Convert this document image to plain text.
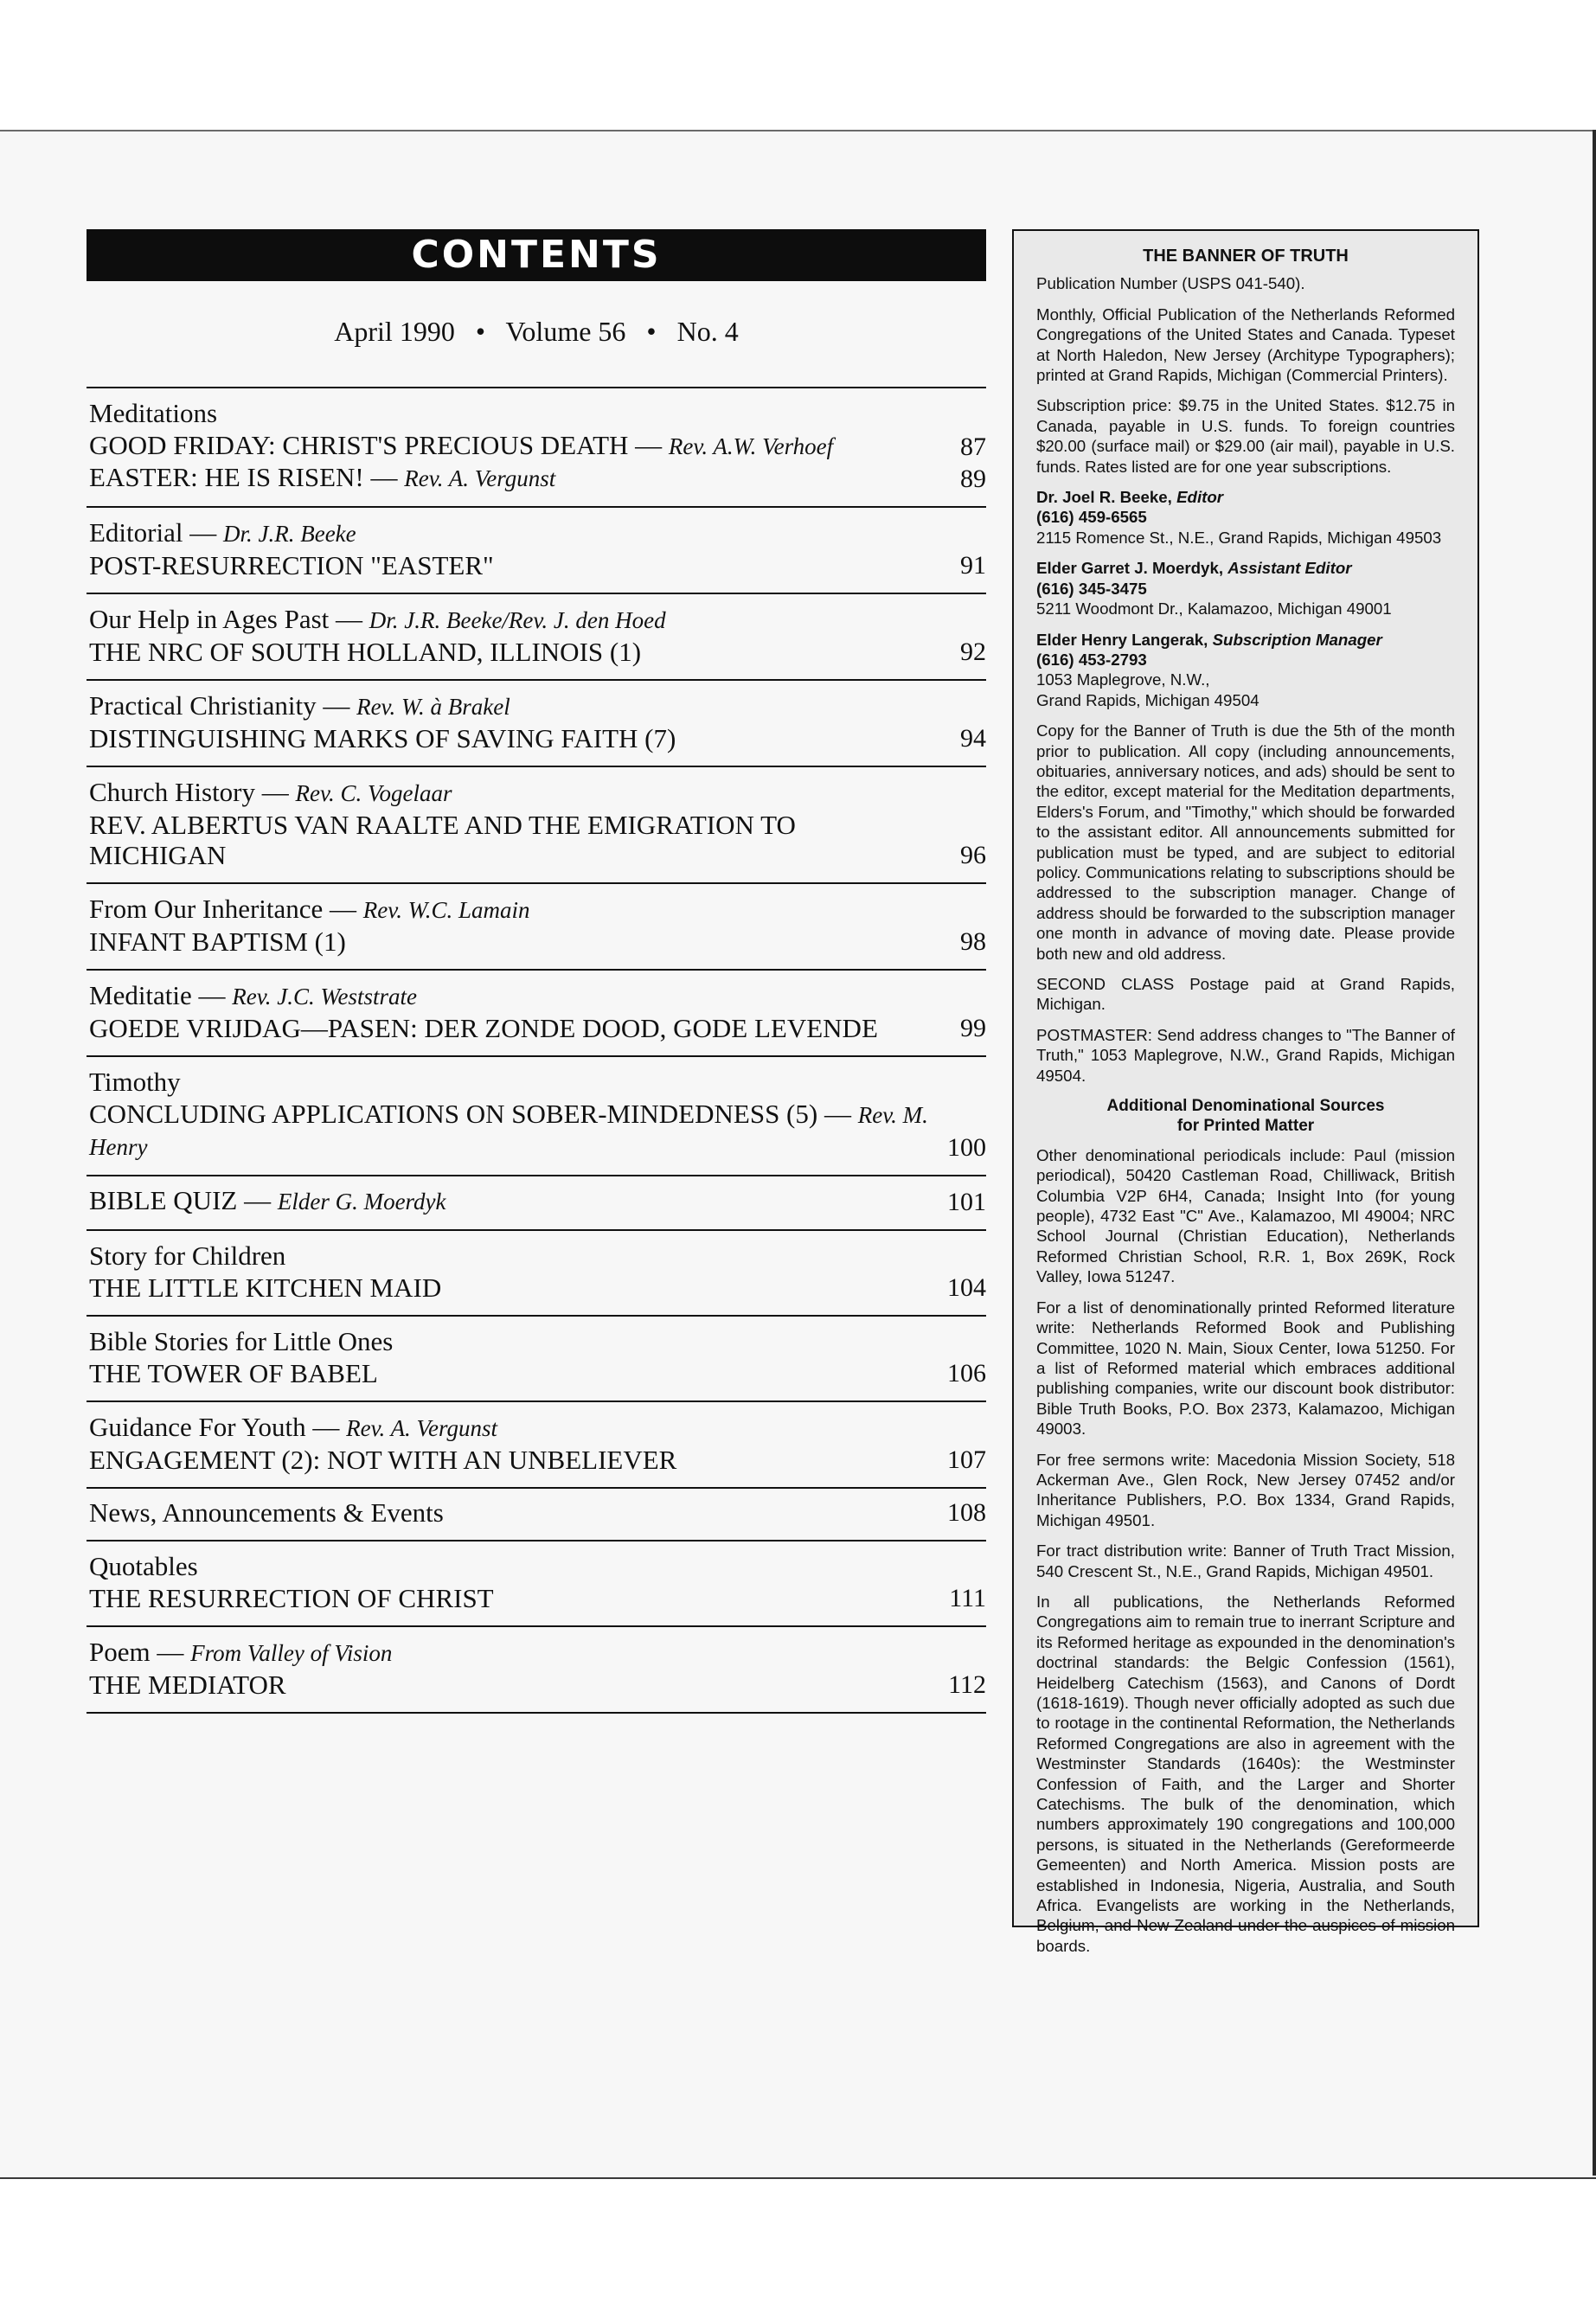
CONTENTS
April 1990 • Volume 56 • No. 4
Meditations
GOOD FRIDAY: CHRIST'S PRECIOUS DEATH — Rev. A.W. Verhoef	87
EASTER: HE IS RISEN! — Rev. A. Vergunst	89
Editorial — Dr. J.R. Beeke
POST-RESURRECTION "EASTER"	91
Our Help in Ages Past — Dr. J.R. Beeke/Rev. J. den Hoed
THE NRC OF SOUTH HOLLAND, ILLINOIS (1)	92
Practical Christianity — Rev. W. à Brakel
DISTINGUISHING MARKS OF SAVING FAITH (7)	94
Church History — Rev. C. Vogelaar
REV. ALBERTUS VAN RAALTE AND THE EMIGRATION TO MICHIGAN	96
From Our Inheritance — Rev. W.C. Lamain
INFANT BAPTISM (1)	98
Meditatie — Rev. J.C. Weststrate
GOEDE VRIJDAG—PASEN: DER ZONDE DOOD, GODE LEVENDE	99
Timothy
CONCLUDING APPLICATIONS ON SOBER-MINDEDNESS (5) — Rev. M. Henry	100
BIBLE QUIZ — Elder G. Moerdyk	101
Story for Children
THE LITTLE KITCHEN MAID	104
Bible Stories for Little Ones
THE TOWER OF BABEL	106
Guidance For Youth — Rev. A. Vergunst
ENGAGEMENT (2): NOT WITH AN UNBELIEVER	107
News, Announcements & Events	108
Quotables
THE RESURRECTION OF CHRIST	111
Poem — From Valley of Vision
THE MEDIATOR	112

THE BANNER OF TRUTH

Publication Number (USPS 041-540).

Monthly, Official Publication of the Netherlands Reformed Congregations of the United States and Canada. Typeset at North Haledon, New Jersey (Architype Typographers); printed at Grand Rapids, Michigan (Commercial Printers).

Subscription price: $9.75 in the United States. $12.75 in Canada, payable in U.S. funds. To foreign countries $20.00 (surface mail) or $29.00 (air mail), payable in U.S. funds. Rates listed are for one year subscriptions.

Dr. Joel R. Beeke, Editor
(616) 459-6565
2115 Romence St., N.E., Grand Rapids, Michigan 49503

Elder Garret J. Moerdyk, Assistant Editor
(616) 345-3475
5211 Woodmont Dr., Kalamazoo, Michigan 49001

Elder Henry Langerak, Subscription Manager
(616) 453-2793
1053 Maplegrove, N.W.,
Grand Rapids, Michigan 49504

Copy for the Banner of Truth is due the 5th of the month prior to publication. All copy (including announcements, obituaries, anniversary notices, and ads) should be sent to the editor, except material for the Meditation departments, Elders's Forum, and "Timothy," which should be forwarded to the assistant editor. All announcements submitted for publication must be typed, and are subject to editorial policy. Communications relating to subscriptions should be addressed to the subscription manager. Change of address should be forwarded to the subscription manager one month in advance of moving date. Please provide both new and old address.

SECOND CLASS Postage paid at Grand Rapids, Michigan.

POSTMASTER: Send address changes to "The Banner of Truth," 1053 Maplegrove, N.W., Grand Rapids, Michigan 49504.

Additional Denominational Sources
for Printed Matter

Other denominational periodicals include: Paul (mission periodical), 50420 Castleman Road, Chilliwack, British Columbia V2P 6H4, Canada; Insight Into (for young people), 4732 East "C" Ave., Kalamazoo, MI 49004; NRC School Journal (Christian Education), Netherlands Reformed Christian School, R.R. 1, Box 269K, Rock Valley, Iowa 51247.

For a list of denominationally printed Reformed literature write: Netherlands Reformed Book and Publishing Committee, 1020 N. Main, Sioux Center, Iowa 51250. For a list of Reformed material which embraces additional publishing companies, write our discount book distributor: Bible Truth Books, P.O. Box 2373, Kalamazoo, Michigan 49003.

For free sermons write: Macedonia Mission Society, 518 Ackerman Ave., Glen Rock, New Jersey 07452 and/or Inheritance Publishers, P.O. Box 1334, Grand Rapids, Michigan 49501.

For tract distribution write: Banner of Truth Tract Mission, 540 Crescent St., N.E., Grand Rapids, Michigan 49501.

In all publications, the Netherlands Reformed Congregations aim to remain true to inerrant Scripture and its Reformed heritage as expounded in the denomination's doctrinal standards: the Belgic Confession (1561), Heidelberg Catechism (1563), and Canons of Dordt (1618-1619). Though never officially adopted as such due to rootage in the continental Reformation, the Netherlands Reformed Congregations are also in agreement with the Westminster Standards (1640s): the Westminster Confession of Faith, and the Larger and Shorter Catechisms. The bulk of the denomination, which numbers approximately 190 congregations and 100,000 persons, is situated in the Netherlands (Gereformeerde Gemeenten) and North America. Mission posts are established in Indonesia, Nigeria, Australia, and South Africa. Evangelists are working in the Netherlands, Belgium, and New Zealand under the auspices of mission boards.
